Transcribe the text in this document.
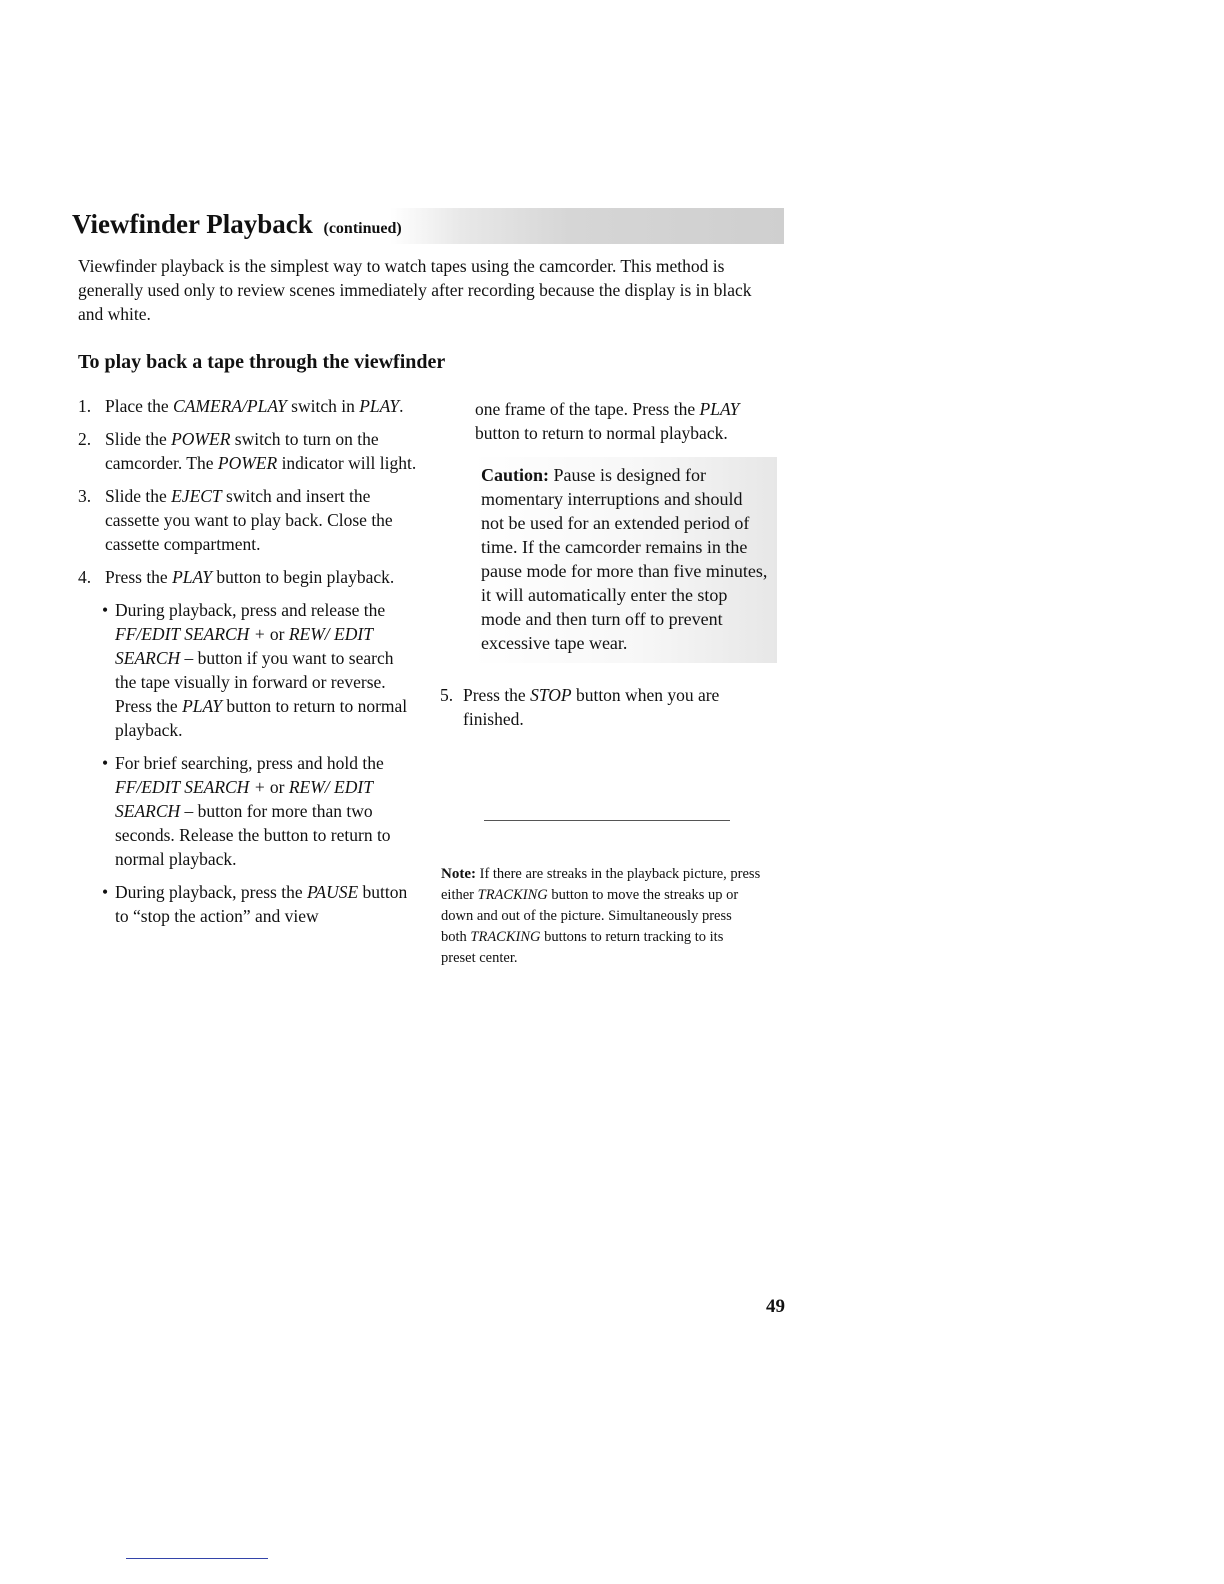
Viewfinder Playback (continued)
Viewfinder playback is the simplest way to watch tapes using the camcorder. This method is generally used only to review scenes immediately after recording because the display is in black and white.
To play back a tape through the viewfinder
1. Place the CAMERA/PLAY switch in PLAY.
2. Slide the POWER switch to turn on the camcorder. The POWER indicator will light.
3. Slide the EJECT switch and insert the cassette you want to play back. Close the cassette compartment.
4. Press the PLAY button to begin playback.
• During playback, press and release the FF/EDIT SEARCH + or REW/ EDIT SEARCH – button if you want to search the tape visually in forward or reverse. Press the PLAY button to return to normal playback.
• For brief searching, press and hold the FF/EDIT SEARCH + or REW/ EDIT SEARCH – button for more than two seconds. Release the button to return to normal playback.
• During playback, press the PAUSE button to “stop the action” and view
one frame of the tape. Press the PLAY button to return to normal playback.
Caution: Pause is designed for momentary interruptions and should not be used for an extended period of time. If the camcorder remains in the pause mode for more than five minutes, it will automatically enter the stop mode and then turn off to prevent excessive tape wear.
5. Press the STOP button when you are finished.
Note: If there are streaks in the playback picture, press either TRACKING button to move the streaks up or down and out of the picture. Simultaneously press both TRACKING buttons to return tracking to its preset center.
49
